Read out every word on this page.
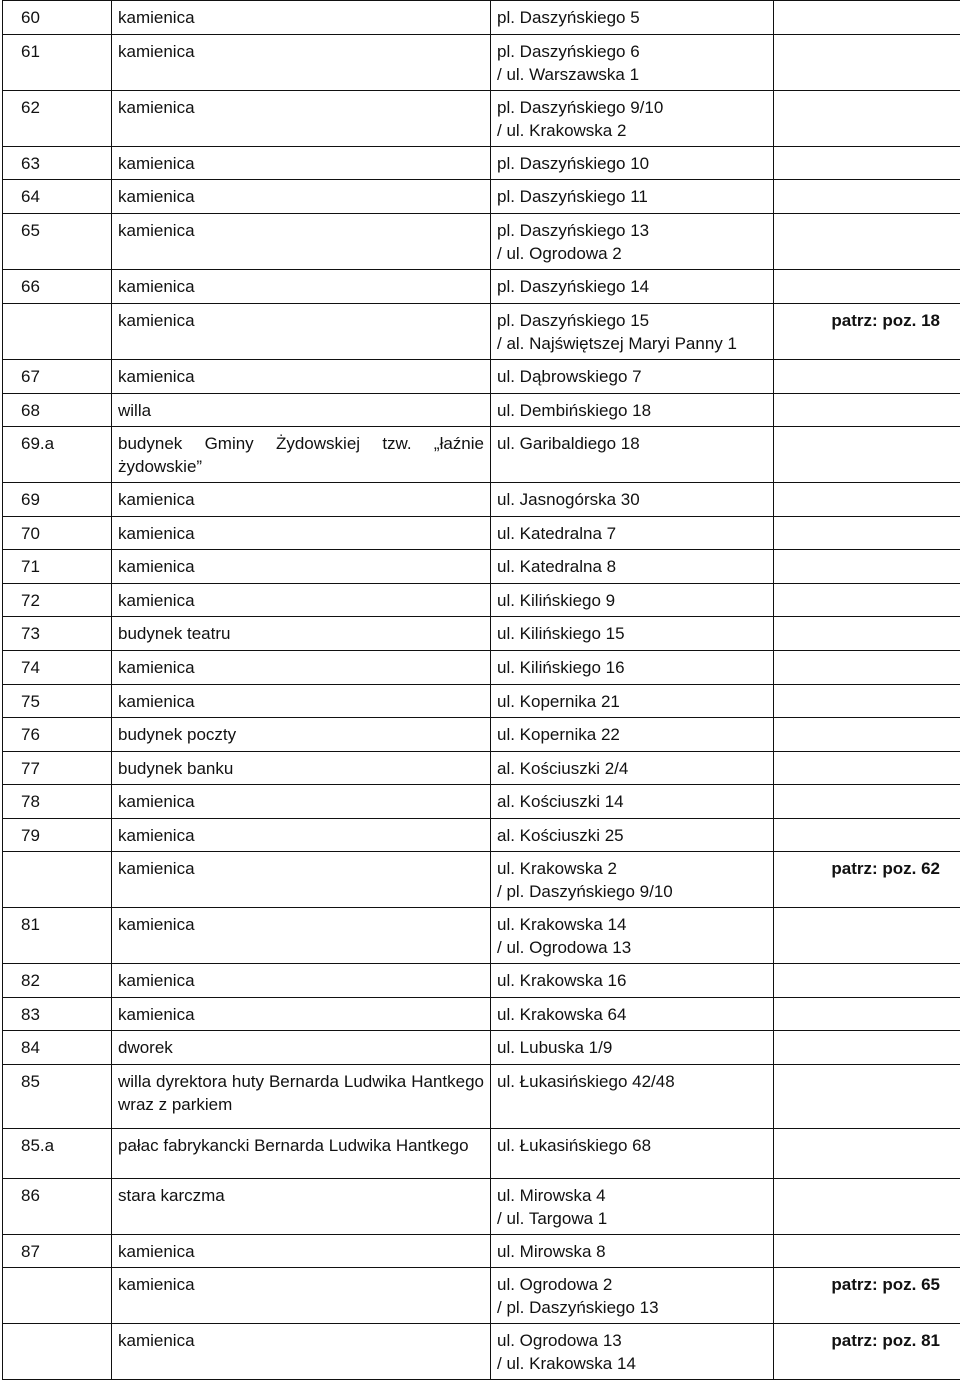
60	kamienica	pl. Daszyńskiego 5	

61	kamienica	pl. Daszyńskiego 6
/ ul. Warszawska 1	

62	kamienica	pl. Daszyńskiego 9/10
/ ul. Krakowska 2	

63	kamienica	pl. Daszyńskiego 10	

64	kamienica	pl. Daszyńskiego 11	

65	kamienica	pl. Daszyńskiego 13
/ ul. Ogrodowa 2	

66	kamienica	pl. Daszyńskiego 14	

	kamienica	pl. Daszyńskiego 15
/ al. Najświętszej Maryi Panny 1	patrz: poz. 18
67	kamienica	ul. Dąbrowskiego 7	

68	willa	ul. Dembińskiego 18	

69.a	budynek Gminy Żydowskiej tzw. „łaźnie żydowskie”	ul. Garibaldiego 18	

69	kamienica	ul. Jasnogórska 30	

70	kamienica	ul. Katedralna 7	

71	kamienica	ul. Katedralna 8	

72	kamienica	ul. Kilińskiego 9	

73	budynek teatru	ul. Kilińskiego 15	

74	kamienica	ul. Kilińskiego 16	

75	kamienica	ul. Kopernika 21	

76	budynek poczty	ul. Kopernika 22	

77	budynek banku	al. Kościuszki 2/4	

78	kamienica	al. Kościuszki 14	

79	kamienica	al. Kościuszki 25	

	kamienica	ul. Krakowska 2
/ pl. Daszyńskiego 9/10	patrz: poz. 62
81	kamienica	ul. Krakowska 14
/ ul. Ogrodowa 13	

82	kamienica	ul. Krakowska 16	

83	kamienica	ul. Krakowska 64	

84	dworek	ul. Lubuska 1/9	

85	willa dyrektora huty Bernarda Ludwika Hantkego wraz z parkiem	ul. Łukasińskiego 42/48	

85.a	pałac fabrykancki Bernarda Ludwika Hantkego	ul. Łukasińskiego 68	

86	stara karczma	ul. Mirowska 4
/ ul. Targowa 1	

87	kamienica	ul. Mirowska 8	

	kamienica	ul. Ogrodowa 2
/ pl. Daszyńskiego 13	patrz: poz. 65
	kamienica	ul. Ogrodowa 13
/ ul. Krakowska 14	patrz: poz. 81
